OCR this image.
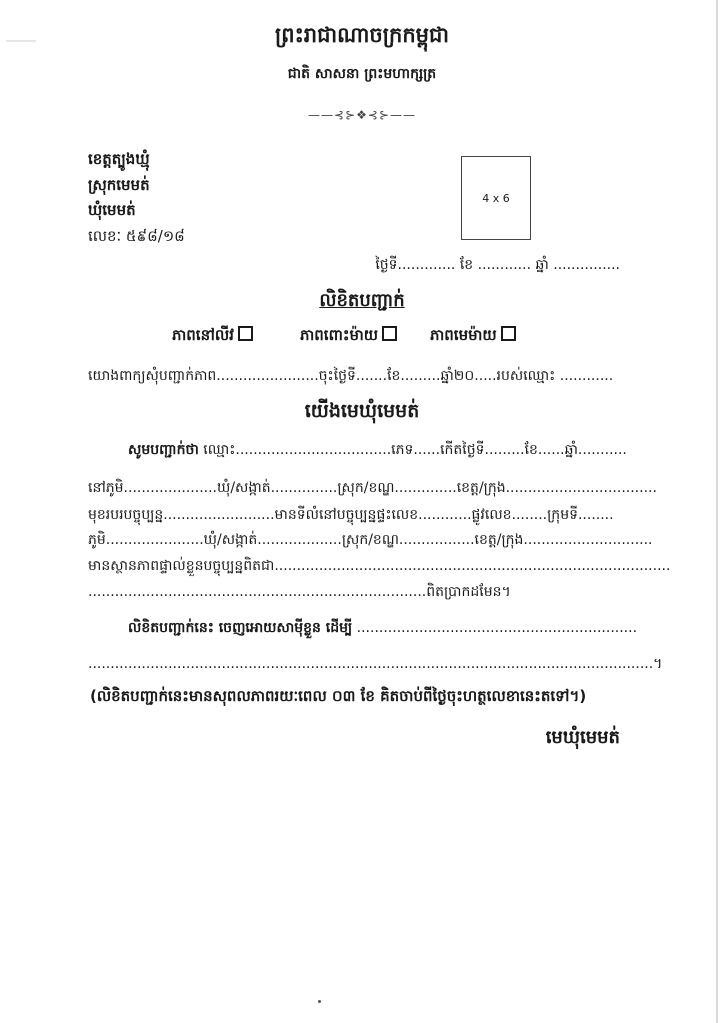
ព្រះរាជាណាចក្រកម្ពុជា
ជាតិ សាសនា ព្រះមហាក្សត្រ
——⊰⊱❖⊰⊱——
ខេត្តត្បូងឃ្មុំ
ស្រុកមេមត់
ឃុំមេមត់
លេខៈ ៥៩៨/១៨
4 x 6
ថ្ងៃទី............. ខែ ............ ឆ្នាំ ...............
លិខិតបញ្ជាក់
ភាពនៅលីវ	ភាពពោះម៉ាយ	ភាពមេម៉ាយ
យោងពាក្យសុំបញ្ជាក់ភាព.......................ចុះថ្ងៃទី.......ខែ.........ឆ្នាំ២០.....របស់ឈ្មោះ ............
យើងមេឃុំមេមត់
សូមបញ្ជាក់ថា ឈ្មោះ...................................ភេទ......កើតថ្ងៃទី.........ខែ......ឆ្នាំ...........
នៅភូមិ.....................ឃុំ/សង្កាត់...............ស្រុក/ខណ្ឌ..............ខេត្ត/ក្រុង..................................
មុខរបរបច្ចុប្បន្ន.........................មានទីលំនៅបច្ចុប្បន្នផ្ទះលេខ............ផ្លូវលេខ........ក្រុមទី........
ភូមិ......................ឃុំ/សង្កាត់...................ស្រុក/ខណ្ឌ.................ខេត្ត/ក្រុង.............................
មានស្ថានភាពផ្ទាល់ខ្លួនបច្ចុប្បន្នពិតជា.........................................................................................
............................................................................ពិតប្រាកដមែន។
លិខិតបញ្ជាក់នេះ ចេញអោយសាម៉ីខ្លួន ដើម្បី ...............................................................
...............................................................................................................................។
(លិខិតបញ្ជាក់នេះមានសុពលភាពរយៈពេល ០៣ ខែ គិតចាប់ពីថ្ងៃចុះហត្ថលេខានេះតទៅ។)
មេឃុំមេមត់
